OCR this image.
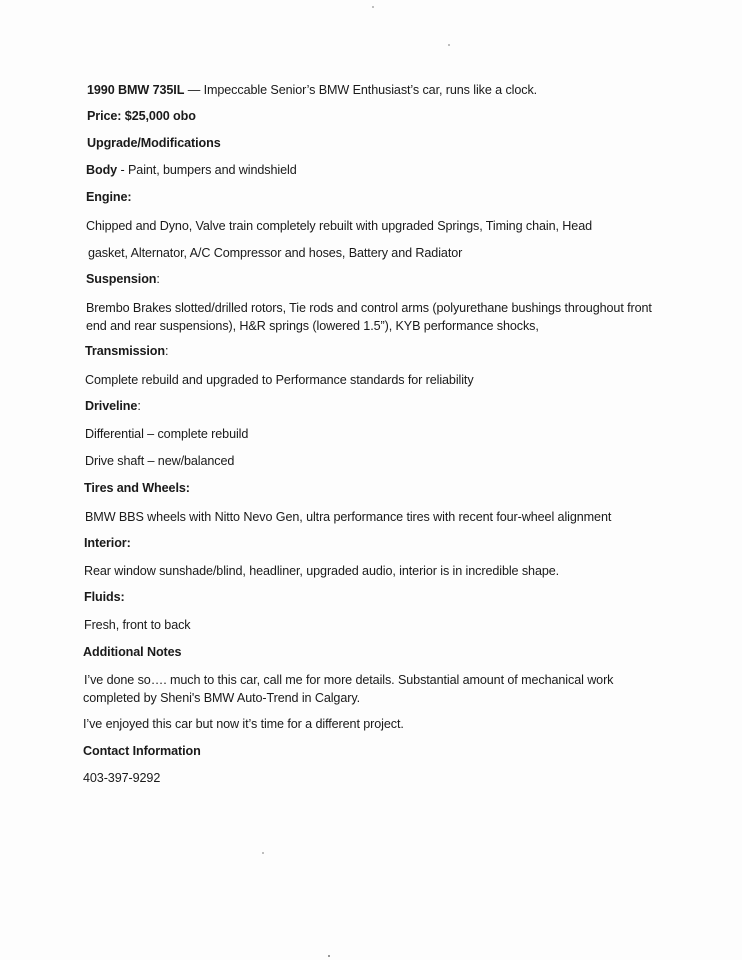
1990 BMW 735IL — Impeccable Senior’s BMW Enthusiast’s car, runs like a clock.
Price: $25,000 obo
Upgrade/Modifications
Body - Paint, bumpers and windshield
Engine:
Chipped and Dyno, Valve train completely rebuilt with upgraded Springs, Timing chain, Head
gasket, Alternator, A/C Compressor and hoses, Battery and Radiator
Suspension:
Brembo Brakes slotted/drilled rotors, Tie rods and control arms (polyurethane bushings throughout front
end and rear suspensions), H&R springs (lowered 1.5”), KYB performance shocks,
Transmission:
Complete rebuild and upgraded to Performance standards for reliability
Driveline:
Differential – complete rebuild
Drive shaft – new/balanced
Tires and Wheels:
BMW BBS wheels with Nitto Nevo Gen, ultra performance tires with recent four-wheel alignment
Interior:
Rear window sunshade/blind, headliner, upgraded audio, interior is in incredible shape.
Fluids:
Fresh, front to back
Additional Notes
I’ve done so…. much to this car, call me for more details. Substantial amount of mechanical work
completed by Sheni's BMW Auto-Trend in Calgary.
I’ve enjoyed this car but now it’s time for a different project.
Contact Information
403-397-9292
